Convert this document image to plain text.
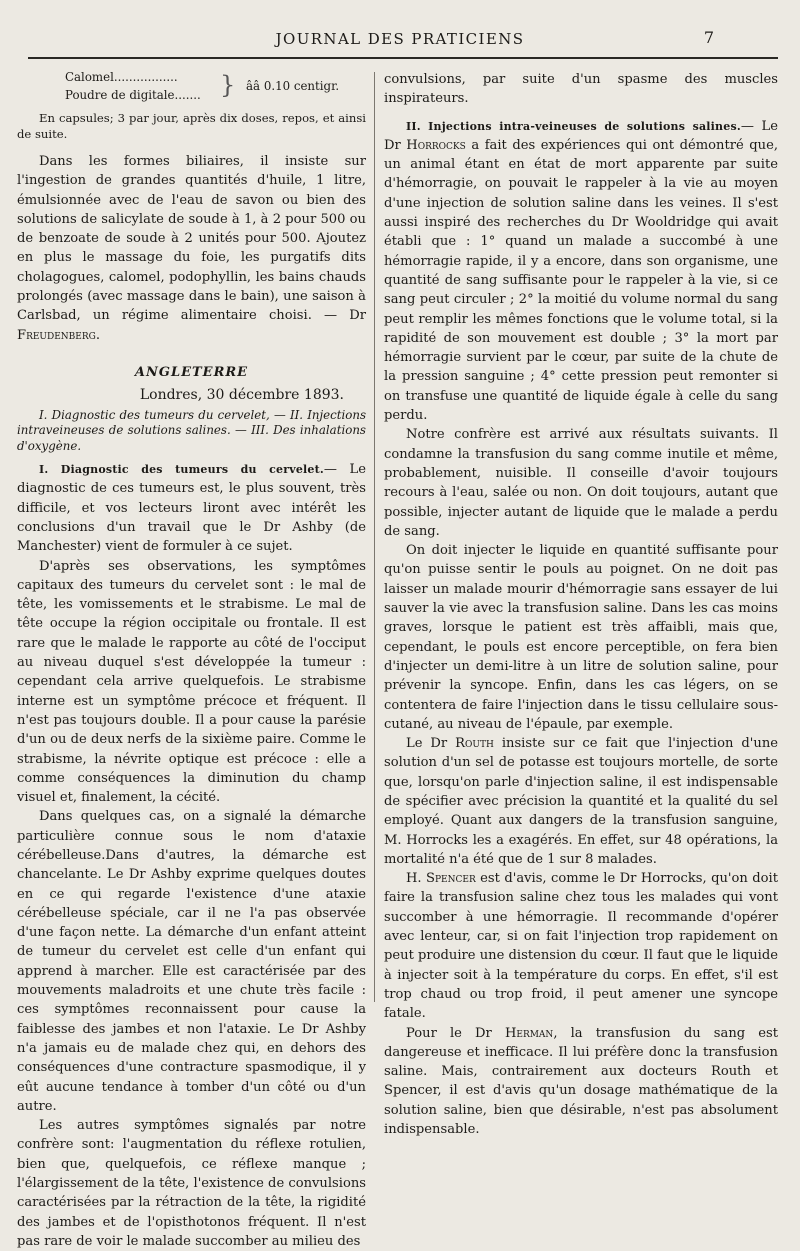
JOURNAL DES PRATICIENS	7
Calomel.................
Poudre de digitale....... } ââ 0.10 centigr.

En capsules; 3 par jour, après dix doses, repos, et ainsi de suite.

Dans les formes biliaires, il insiste sur l'ingestion de grandes quantités d'huile, 1 litre, émulsionnée avec de l'eau de savon ou bien des solutions de salicylate de soude à 1, à 2 pour 500 ou de benzoate de soude à 2 unités pour 500. Ajoutez en plus le massage du foie, les purgatifs dits cholagogues, calomel, podophyllin, les bains chauds prolongés (avec massage dans le bain), une saison à Carlsbad, un régime alimentaire choisi. — Dr Freudenberg.

ANGLETERRE
Londres, 30 décembre 1893.

I. Diagnostic des tumeurs du cervelet, — II. Injections intraveineuses de solutions salines. — III. Des inhalations d'oxygène.

I. Diagnostic des tumeurs du cervelet.— Le diagnostic de ces tumeurs est, le plus souvent, très difficile, et vos lecteurs liront avec intérêt les conclusions d'un travail que le Dr Ashby (de Manchester) vient de formuler à ce sujet.

D'après ses observations, les symptômes capitaux des tumeurs du cervelet sont : le mal de tête, les vomissements et le strabisme. Le mal de tête occupe la région occipitale ou frontale. Il est rare que le malade le rapporte au côté de l'occiput au niveau duquel s'est développée la tumeur : cependant cela arrive quelquefois. Le strabisme interne est un symptôme précoce et fréquent. Il n'est pas toujours double. Il a pour cause la parésie d'un ou de deux nerfs de la sixième paire. Comme le strabisme, la névrite optique est précoce : elle a comme conséquences la diminution du champ visuel et, finalement, la cécité.

Dans quelques cas, on a signalé la démarche particulière connue sous le nom d'ataxie cérébelleuse.Dans d'autres, la démarche est chancelante. Le Dr Ashby exprime quelques doutes en ce qui regarde l'existence d'une ataxie cérébelleuse spéciale, car il ne l'a pas observée d'une façon nette. La démarche d'un enfant atteint de tumeur du cervelet est celle d'un enfant qui apprend à marcher. Elle est caractérisée par des mouvements maladroits et une chute très facile : ces symptômes reconnaissent pour cause la faiblesse des jambes et non l'ataxie. Le Dr Ashby n'a jamais eu de malade chez qui, en dehors des conséquences d'une contracture spasmodique, il y eût aucune tendance à tomber d'un côté ou d'un autre.

Les autres symptômes signalés par notre confrère sont: l'augmentation du réflexe rotulien, bien que, quelquefois, ce réflexe manque ; l'élargissement de la tête, l'existence de convulsions caractérisées par la rétraction de la tête, la rigidité des jambes et de l'opisthotonos fréquent. Il n'est pas rare de voir le malade succomber au milieu des

convulsions, par suite d'un spasme des muscles inspirateurs.

II. Injections intra-veineuses de solutions salines.— Le Dr Horrocks a fait des expériences qui ont démontré que, un animal étant en état de mort apparente par suite d'hémorragie, on pouvait le rappeler à la vie au moyen d'une injection de solution saline dans les veines. Il s'est aussi inspiré des recherches du Dr Wooldridge qui avait établi que : 1° quand un malade a succombé à une hémorragie rapide, il y a encore, dans son organisme, une quantité de sang suffisante pour le rappeler à la vie, si ce sang peut circuler ; 2° la moitié du volume normal du sang peut remplir les mêmes fonctions que le volume total, si la rapidité de son mouvement est double ; 3° la mort par hémorragie survient par le cœur, par suite de la chute de la pression sanguine ; 4° cette pression peut remonter si on transfuse une quantité de liquide égale à celle du sang perdu.

Notre confrère est arrivé aux résultats suivants. Il condamne la transfusion du sang comme inutile et même, probablement, nuisible. Il conseille d'avoir toujours recours à l'eau, salée ou non. On doit toujours, autant que possible, injecter autant de liquide que le malade a perdu de sang.

On doit injecter le liquide en quantité suffisante pour qu'on puisse sentir le pouls au poignet. On ne doit pas laisser un malade mourir d'hémorragie sans essayer de lui sauver la vie avec la transfusion saline. Dans les cas moins graves, lorsque le patient est très affaibli, mais que, cependant, le pouls est encore perceptible, on fera bien d'injecter un demi-litre à un litre de solution saline, pour prévenir la syncope. Enfin, dans les cas légers, on se contentera de faire l'injection dans le tissu cellulaire sous-cutané, au niveau de l'épaule, par exemple.

Le Dr Routh insiste sur ce fait que l'injection d'une solution d'un sel de potasse est toujours mortelle, de sorte que, lorsqu'on parle d'injection saline, il est indispensable de spécifier avec précision la quantité et la qualité du sel employé. Quant aux dangers de la transfusion sanguine, M. Horrocks les a exagérés. En effet, sur 48 opérations, la mortalité n'a été que de 1 sur 8 malades.

H. Spencer est d'avis, comme le Dr Horrocks, qu'on doit faire la transfusion saline chez tous les malades qui vont succomber à une hémorragie. Il recommande d'opérer avec lenteur, car, si on fait l'injection trop rapidement on peut produire une distension du cœur. Il faut que le liquide à injecter soit à la température du corps. En effet, s'il est trop chaud ou trop froid, il peut amener une syncope fatale.

Pour le Dr Herman, la transfusion du sang est dangereuse et inefficace. Il lui préfère donc la transfusion saline. Mais, contrairement aux docteurs Routh et Spencer, il est d'avis qu'un dosage mathématique de la solution saline, bien que désirable, n'est pas absolument indispensable.
